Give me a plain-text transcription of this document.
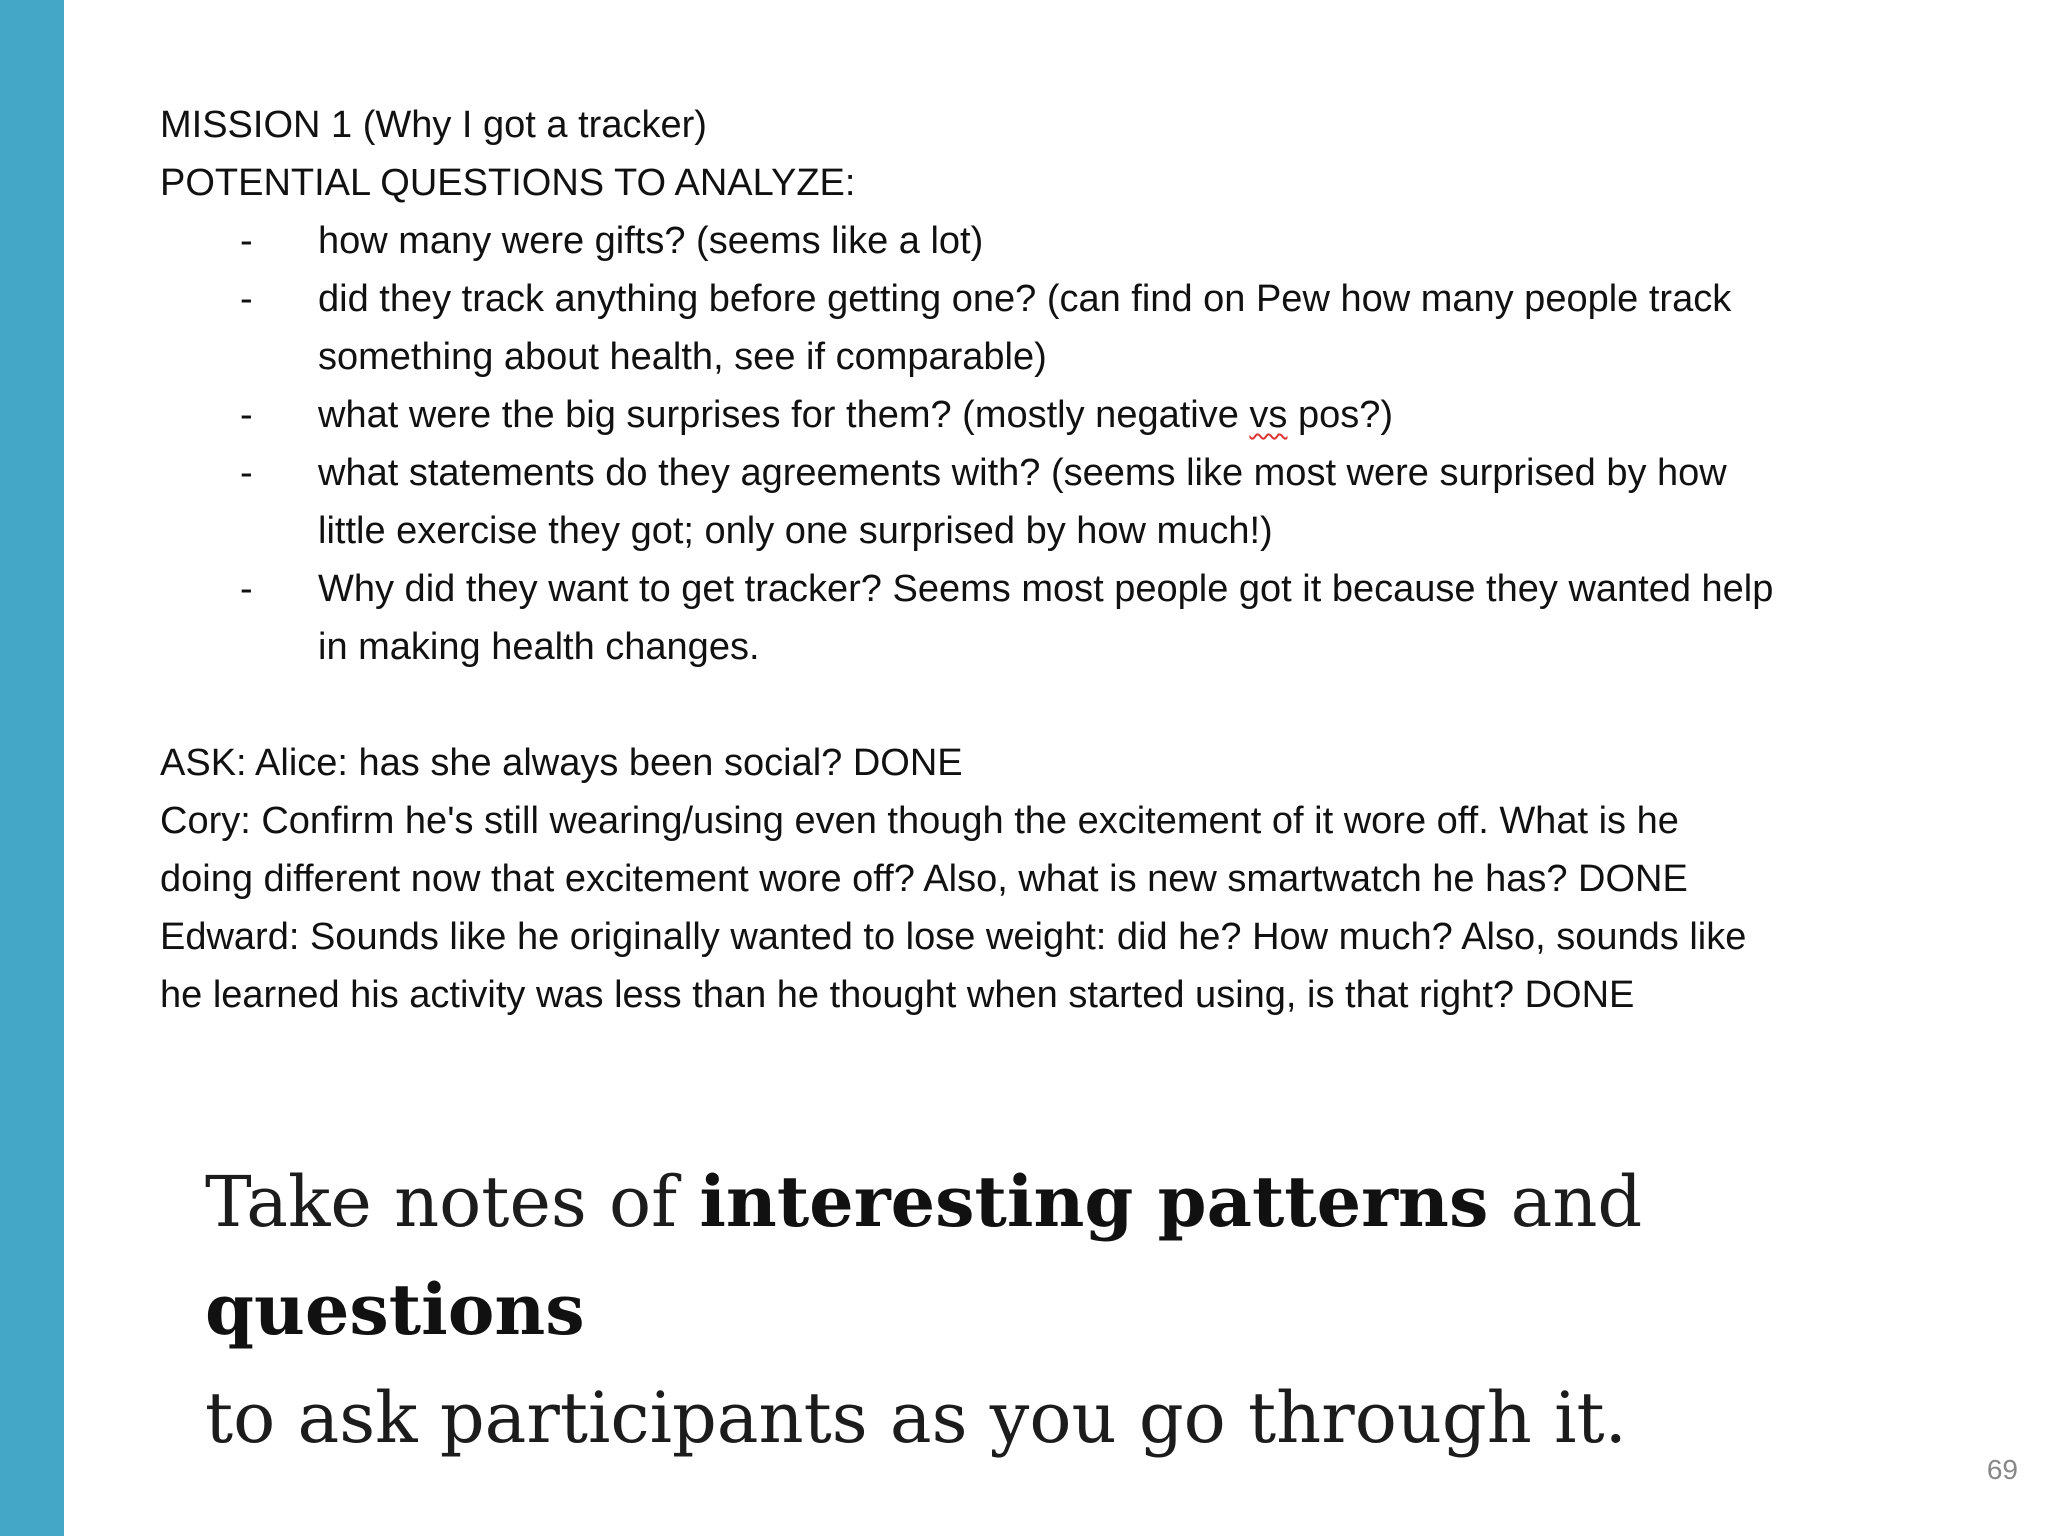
MISSION 1 (Why I got a tracker)
POTENTIAL QUESTIONS TO ANALYZE:
- how many were gifts? (seems like a lot)
- did they track anything before getting one? (can find on Pew how many people track
something about health, see if comparable)
- what were the big surprises for them? (mostly negative vs pos?)
- what statements do they agreements with? (seems like most were surprised by how
little exercise they got; only one surprised by how much!)
- Why did they want to get tracker? Seems most people got it because they wanted help
in making health changes.
ASK: Alice: has she always been social? DONE
Cory: Confirm he's still wearing/using even though the excitement of it wore off. What is he
doing different now that excitement wore off? Also, what is new smartwatch he has? DONE
Edward: Sounds like he originally wanted to lose weight: did he? How much? Also, sounds like
he learned his activity was less than he thought when started using, is that right? DONE
Take notes of interesting patterns and questions
to ask participants as you go through it.
69
